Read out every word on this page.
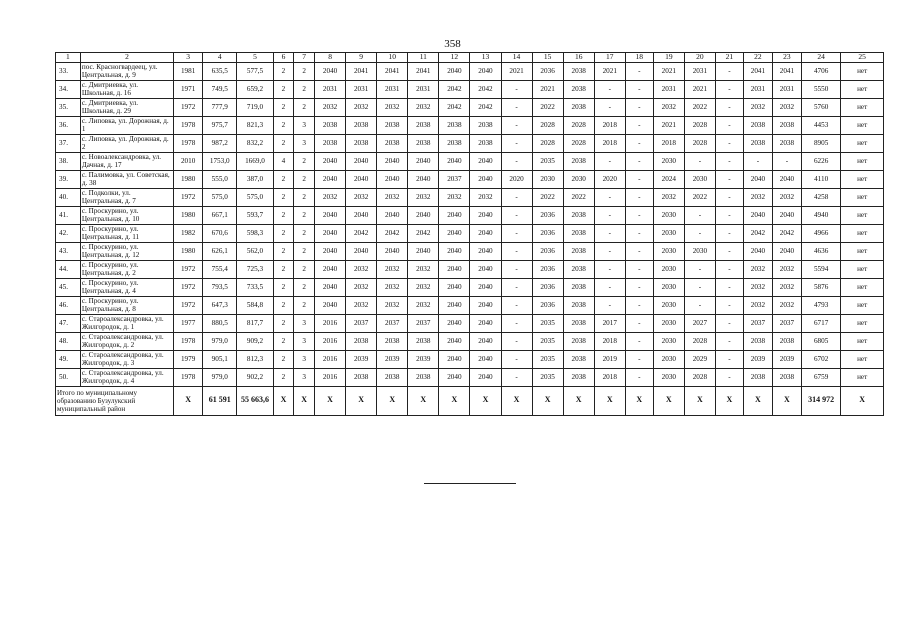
358
1	2	3	4	5	6	7	8	9	10	11	12	13	14	15	16	17	18	19	20	21	22	23	24	25
33.	пос. Красногвардеец, ул. Центральная, д. 9	1981	635,5	577,5	2	2	2040	2041	2041	2041	2040	2040	2021	2036	2038	2021	-	2021	2031	-	2041	2041	4706	нет
34.	с. Дмитриевка, ул. Школьная, д. 16	1971	749,5	659,2	2	2	2031	2031	2031	2031	2042	2042	-	2021	2038	-	-	2031	2021	-	2031	2031	5550	нет
35.	с. Дмитриевка, ул. Школьная, д. 29	1972	777,9	719,0	2	2	2032	2032	2032	2032	2042	2042	-	2022	2038	-	-	2032	2022	-	2032	2032	5760	нет
36.	с. Липовка, ул. Дорожная, д. 1	1978	975,7	821,3	2	3	2038	2038	2038	2038	2038	2038	-	2028	2028	2018	-	2021	2028	-	2038	2038	4453	нет
37.	с. Липовка, ул. Дорожная, д. 2	1978	987,2	832,2	2	3	2038	2038	2038	2038	2038	2038	-	2028	2028	2018	-	2018	2028	-	2038	2038	8905	нет
38.	с. Новоалександровка, ул. Дачная, д. 17	2010	1753,0	1669,0	4	2	2040	2040	2040	2040	2040	2040	-	2035	2038	-	-	2030	-	-	-	-	6226	нет
39.	с. Палимовка, ул. Советская, д. 38	1980	555,0	387,0	2	2	2040	2040	2040	2040	2037	2040	2020	2030	2030	2020	-	2024	2030	-	2040	2040	4110	нет
40.	с. Подколки, ул. Центральная, д. 7	1972	575,0	575,0	2	2	2032	2032	2032	2032	2032	2032	-	2022	2022	-	-	2032	2022	-	2032	2032	4258	нет
41.	с. Проскурино, ул. Центральная, д. 10	1980	667,1	593,7	2	2	2040	2040	2040	2040	2040	2040	-	2036	2038	-	-	2030	-	-	2040	2040	4940	нет
42.	с. Проскурино, ул. Центральная, д. 11	1982	670,6	598,3	2	2	2040	2042	2042	2042	2040	2040	-	2036	2038	-	-	2030	-	-	2042	2042	4966	нет
43.	с. Проскурино, ул. Центральная, д. 12	1980	626,1	562,0	2	2	2040	2040	2040	2040	2040	2040	-	2036	2038	-	-	2030	2030	-	2040	2040	4636	нет
44.	с. Проскурино, ул. Центральная, д. 2	1972	755,4	725,3	2	2	2040	2032	2032	2032	2040	2040	-	2036	2038	-	-	2030	-	-	2032	2032	5594	нет
45.	с. Проскурино, ул. Центральная, д. 4	1972	793,5	733,5	2	2	2040	2032	2032	2032	2040	2040	-	2036	2038	-	-	2030	-	-	2032	2032	5876	нет
46.	с. Проскурино, ул. Центральная, д. 8	1972	647,3	584,8	2	2	2040	2032	2032	2032	2040	2040	-	2036	2038	-	-	2030	-	-	2032	2032	4793	нет
47.	с. Староалександровка, ул. Жилгородок, д. 1	1977	880,5	817,7	2	3	2016	2037	2037	2037	2040	2040	-	2035	2038	2017	-	2030	2027	-	2037	2037	6717	нет
48.	с. Староалександровка, ул. Жилгородок, д. 2	1978	979,0	909,2	2	3	2016	2038	2038	2038	2040	2040	-	2035	2038	2018	-	2030	2028	-	2038	2038	6805	нет
49.	с. Староалександровка, ул. Жилгородок, д. 3	1979	905,1	812,3	2	3	2016	2039	2039	2039	2040	2040	-	2035	2038	2019	-	2030	2029	-	2039	2039	6702	нет
50.	с. Староалександровка, ул. Жилгородок, д. 4	1978	979,0	902,2	2	3	2016	2038	2038	2038	2040	2040	-	2035	2038	2018	-	2030	2028	-	2038	2038	6759	нет
Итого по муниципальному образованию Бузулукский муниципальный район		X	61 591	55 663,6	X	X	X	X	X	X	X	X	X	X	X	X	X	X	X	X	X	X	314 972	X
